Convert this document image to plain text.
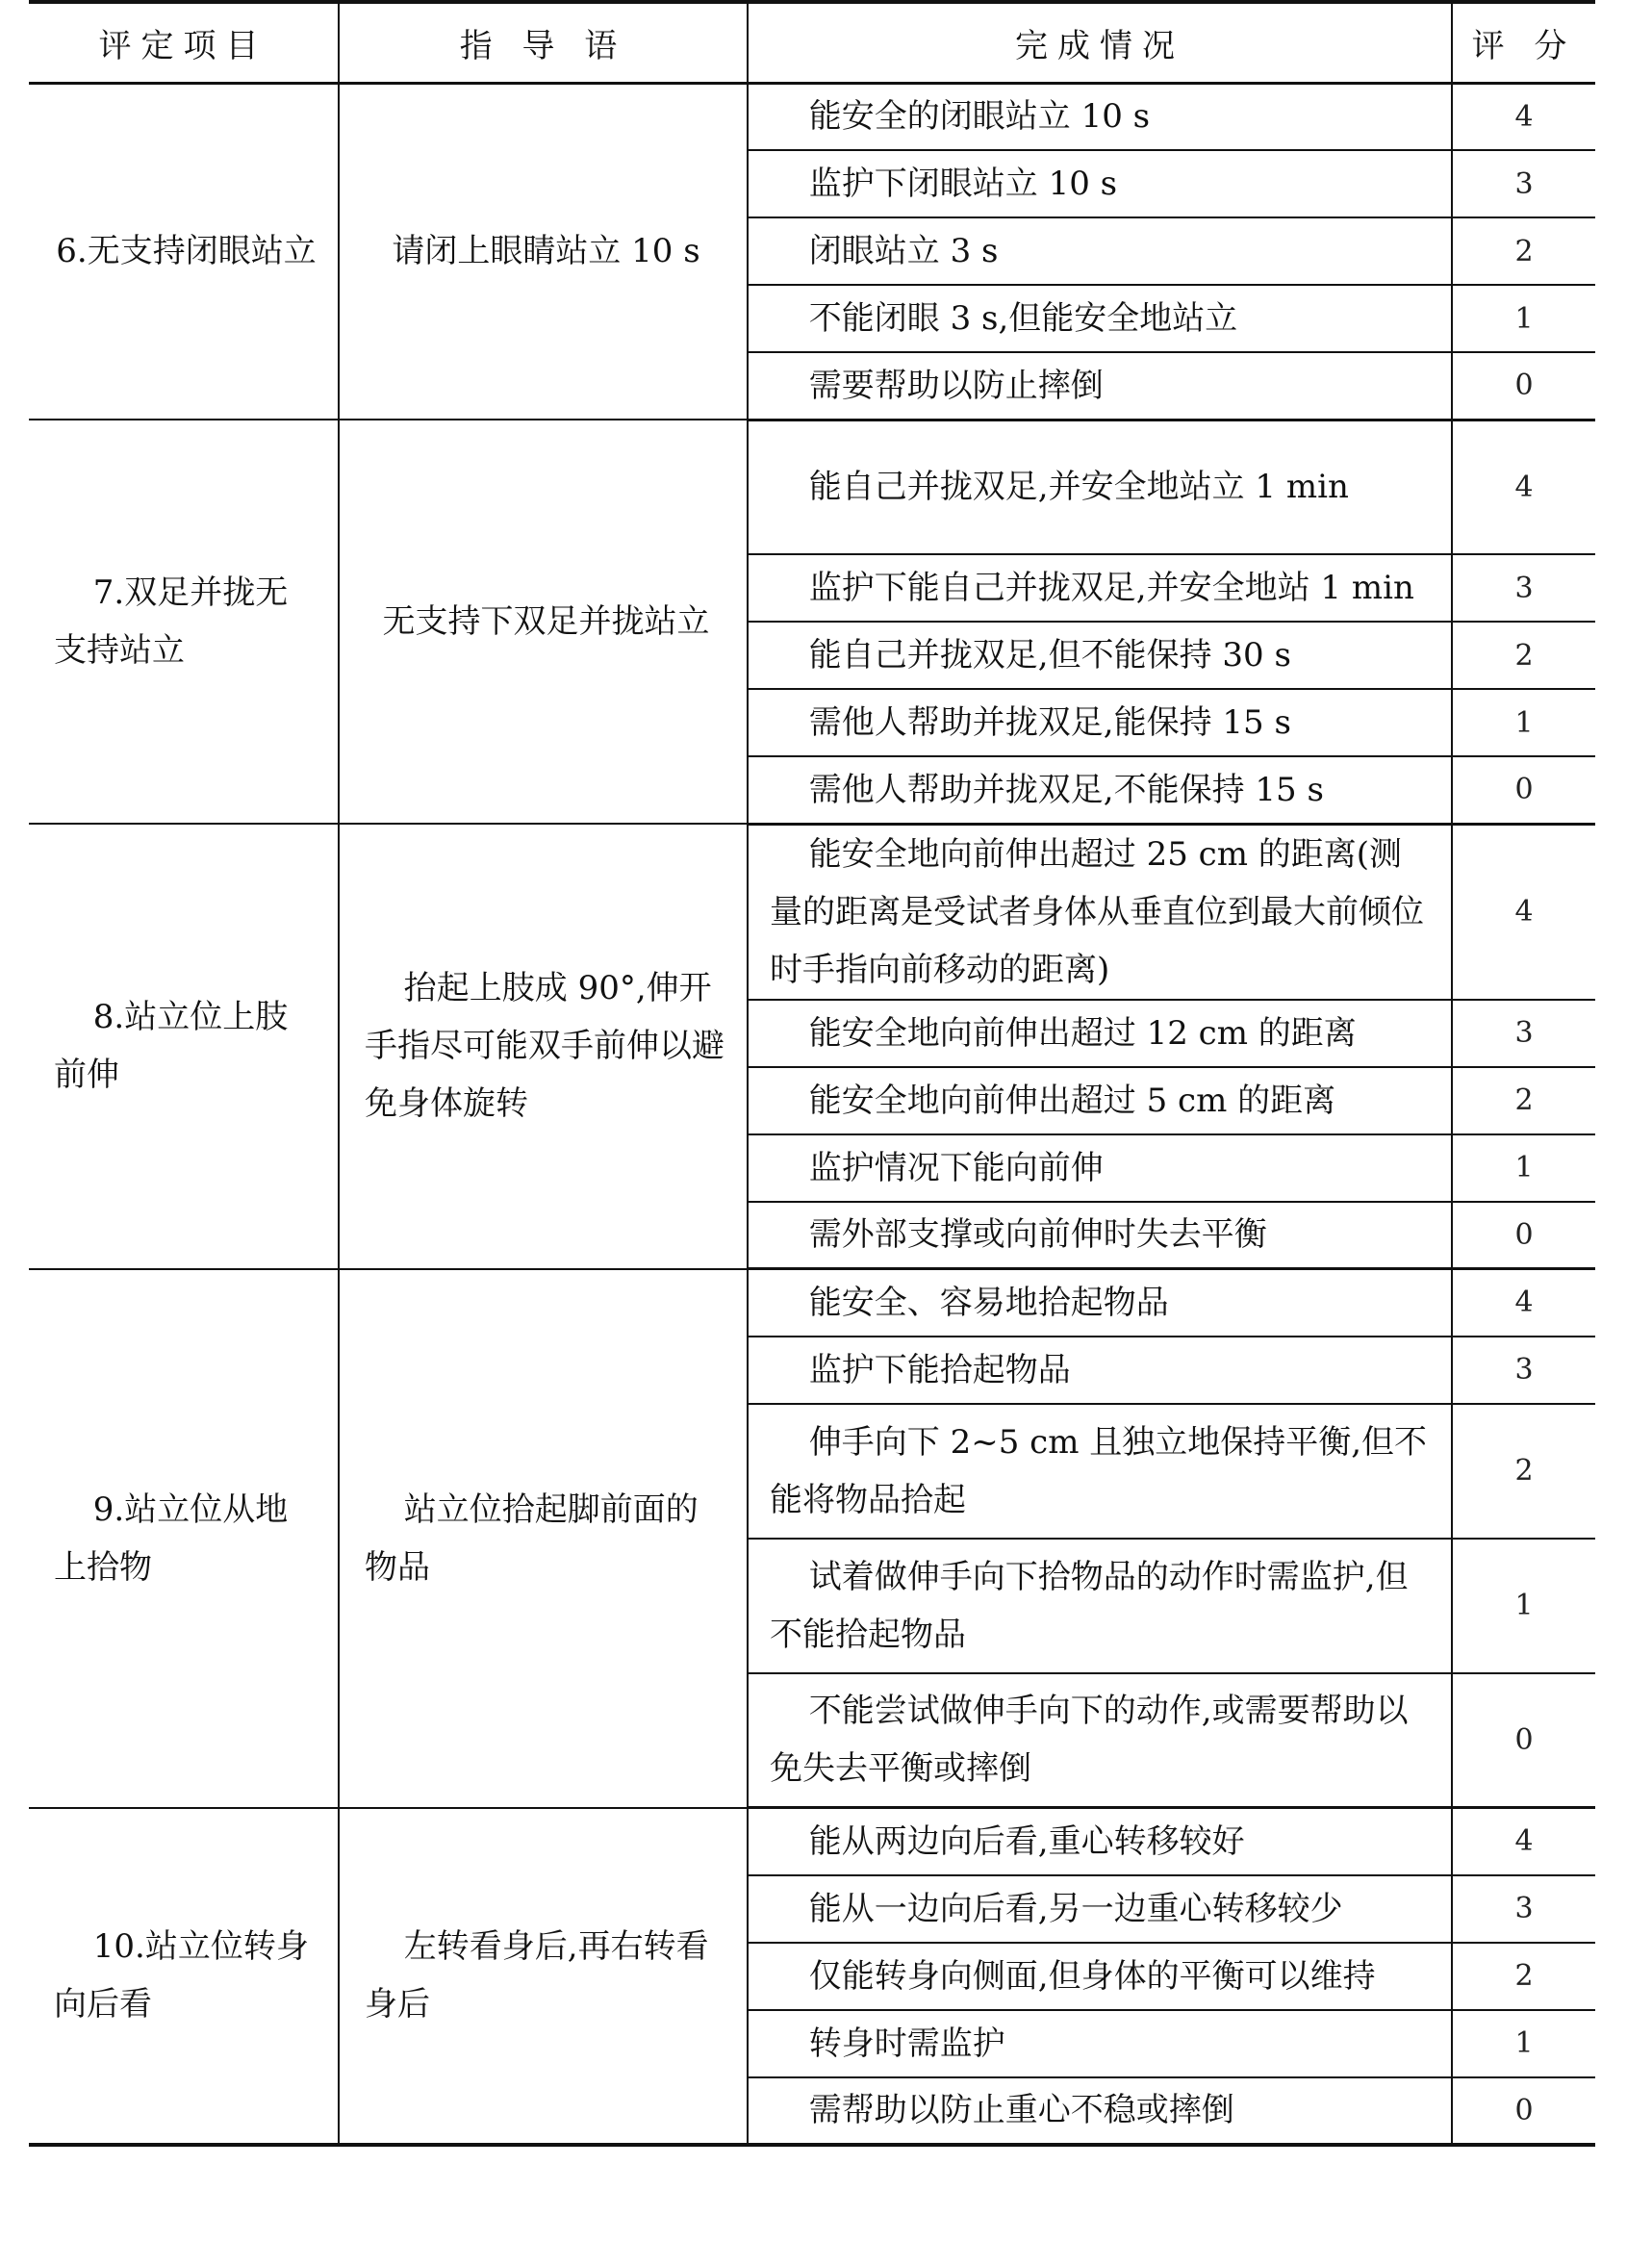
评定项目	指 导 语	完成情况	评 分

6.无支持闭眼站立	请闭上眼睛站立 10 s	能安全的闭眼站立 10 s	4

		监护下闭眼站立 10 s	3

		闭眼站立 3 s	2

		不能闭眼 3 s,但能安全地站立	1

		需要帮助以防止摔倒	0

7.双足并拢无支持站立	无支持下双足并拢站立	能自己并拢双足,并安全地站立 1 min	4

		监护下能自己并拢双足,并安全地站 1 min	3

		能自己并拢双足,但不能保持 30 s	2

		需他人帮助并拢双足,能保持 15 s	1

		需他人帮助并拢双足,不能保持 15 s	0

8.站立位上肢前伸	抬起上肢成 90°,伸开手指尽可能双手前伸以避免身体旋转	能安全地向前伸出超过 25 cm 的距离(测量的距离是受试者身体从垂直位到最大前倾位时手指向前移动的距离)	4

		能安全地向前伸出超过 12 cm 的距离	3

		能安全地向前伸出超过 5 cm 的距离	2

		监护情况下能向前伸	1

		需外部支撑或向前伸时失去平衡	0

9.站立位从地上拾物	站立位拾起脚前面的物品	能安全、容易地拾起物品	4

		监护下能拾起物品	3

		伸手向下 2~5 cm 且独立地保持平衡,但不能将物品拾起	2

		试着做伸手向下拾物品的动作时需监护,但不能拾起物品	1

		不能尝试做伸手向下的动作,或需要帮助以免失去平衡或摔倒	0

10.站立位转身向后看	左转看身后,再右转看身后	能从两边向后看,重心转移较好	4

		能从一边向后看,另一边重心转移较少	3

		仅能转身向侧面,但身体的平衡可以维持	2

		转身时需监护	1

		需帮助以防止重心不稳或摔倒	0
